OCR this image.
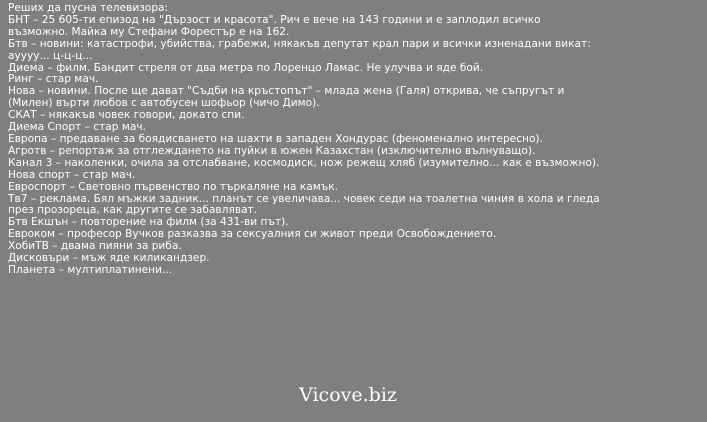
Реших да пусна телевизора:
БНТ – 25 605-ти епизод на "Дързост и красота". Рич е вече на 143 години и е заплодил всичко възможно. Майка му Стефани Форестър е на 162.
Бтв – новини: катастрофи, убийства, грабежи, някакъв депутат крал пари и всички изненадани викат: ауууу... ц-ц-ц...
Диема – филм. Бандит стреля от два метра по Лоренцо Ламас. Не улучва и яде бой.
Ринг – стар мач.
Нова – новини. После ще дават "Съдби на кръстопът" – млада жена (Галя) открива, че съпругът и (Милен) върти любов с автобусен шофьор (чичо Димо).
СКАТ – някакъв човек говори, докато спи.
Диема Спорт – стар мач.
Европа – предаване за боядисването на шахти в западен Хондурас (феноменално интересно).
Агротв – репортаж за отглеждането на пуйки в южен Казахстан (изключително вълнуващо).
Канал 3 – наколенки, очила за отслабване, космодиск, нож режещ хляб (изумително... как е възможно).
Нова спорт – стар мач.
Евроспорт – Световно първенство по търкаляне на камък.
Тв7 – реклама. Бял мъжки задник... планът се увеличава... човек седи на тоалетна чиния в хола и гледа през прозореца, как другите се забавляват.
Бтв Екшън – повторение на филм (за 431-ви път).
Евроком – професор Вучков разказва за сексуалния си живот преди Освобождението.
ХобиТВ – двама пияни за риба.
Дисковъри – мъж яде киликандзер.
Планета – мултиплатинени...
Vicove.biz
